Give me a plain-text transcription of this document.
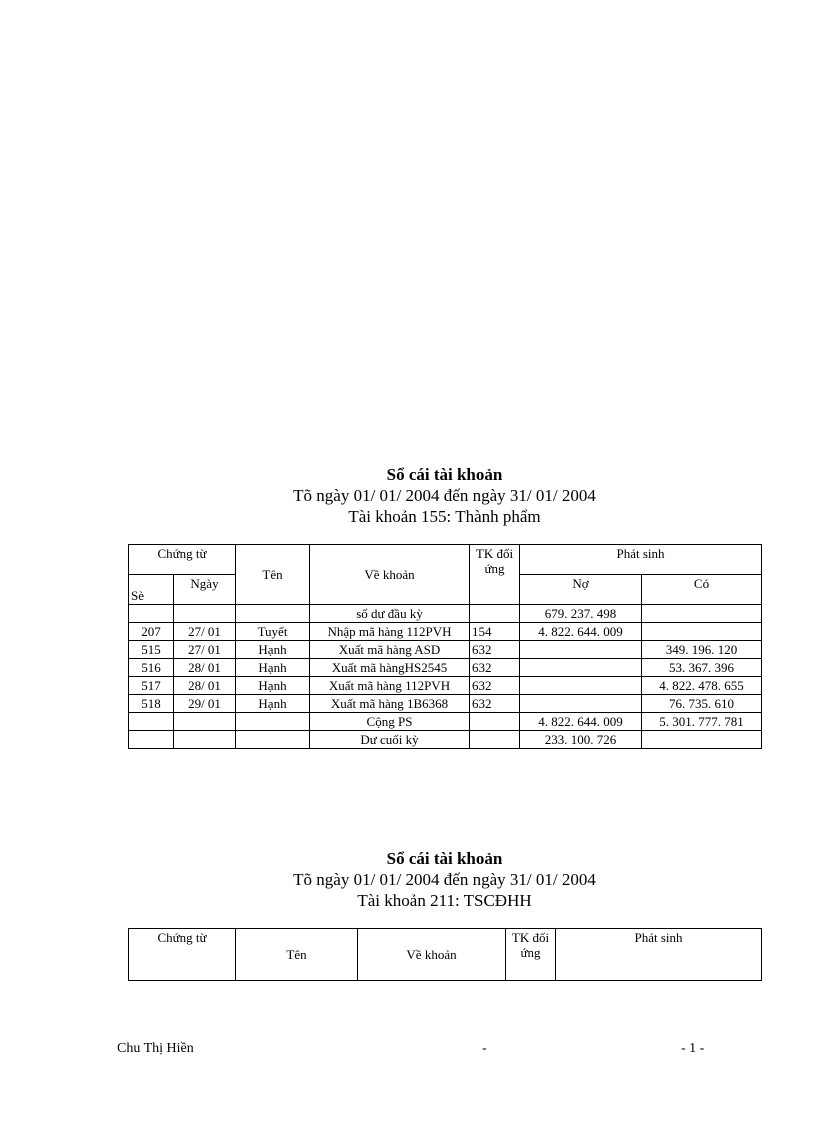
Sổ cái tài khoản
Tõ ngày 01/ 01/ 2004 đến ngày 31/ 01/ 2004
Tài khoản 155: Thành phẩm
Chứng từ		Tên	Về khoản	TK đối ứng	Phát sinh	
Sè	Ngày				Nợ	Có
			số dư đầu kỳ		679. 237. 498	
207	27/ 01	Tuyết	Nhập mã hàng 112PVH	154	4. 822. 644. 009	
515	27/ 01	Hạnh	Xuất mã hàng ASD	632		349. 196. 120
516	28/ 01	Hạnh	Xuất mã hàngHS2545	632		53. 367. 396
517	28/ 01	Hạnh	Xuất mã hàng 112PVH	632		4. 822. 478. 655
518	29/ 01	Hạnh	Xuất mã hàng 1B6368	632		76. 735. 610
			Cộng PS		4. 822. 644. 009	5. 301. 777. 781
			Dư cuối kỳ		233. 100. 726	
Sổ cái tài khoản
Tõ ngày 01/ 01/ 2004 đến ngày 31/ 01/ 2004
Tài khoản 211: TSCĐHH
Chứng từ	Tên	Về khoản	TK đối ứng	Phát sinh
Chu Thị Hiền	-	- 1 -
